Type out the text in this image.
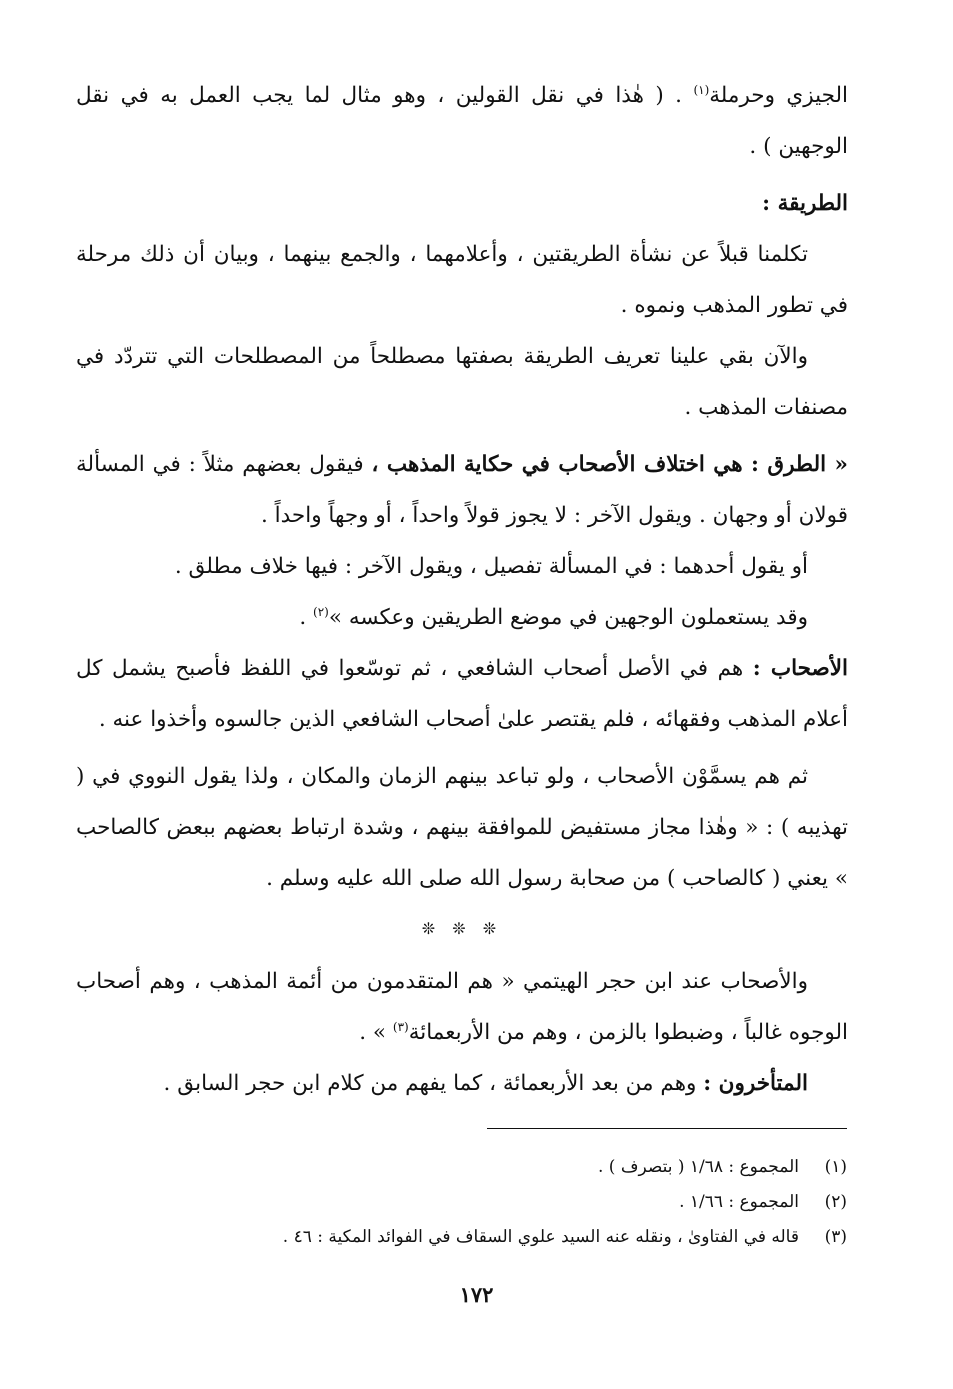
الجيزي وحرملة$^{(١)}$ . ( هٰذا في نقل القولين ، وهو مثال لما يجب العمل به في نقل الوجهين ) .

الطريقة :

تكلمنا قبلاً عن نشأة الطريقتين ، وأعلامهما ، والجمع بينهما ، وبيان أن ذلك مرحلة في تطور المذهب ونموه .

والآن بقي علينا تعريف الطريقة بصفتها مصطلحاً من المصطلحات التي تتردّد في مصنفات المذهب .

« الطرق : هي اختلاف الأصحاب في حكاية المذهب ، فيقول بعضهم مثلاً : في المسألة قولان أو وجهان . ويقول الآخر : لا يجوز قولاً واحداً ، أو وجهاً واحداً .

أو يقول أحدهما : في المسألة تفصيل ، ويقول الآخر : فيها خلاف مطلق .

وقد يستعملون الوجهين في موضع الطريقين وعكسه »$^{(٢)}$ .

الأصحاب : هم في الأصل أصحاب الشافعي ، ثم توسّعوا في اللفظ فأصبح يشمل كل أعلام المذهب وفقهائه ، فلم يقتصر علىٰ أصحاب الشافعي الذين جالسوه وأخذوا عنه .

ثم هم يسمَّوْن الأصحاب ، ولو تباعد بينهم الزمان والمكان ، ولذا يقول النووي في ( تهذيبه ) : « وهٰذا مجاز مستفيض للموافقة بينهم ، وشدة ارتباط بعضهم ببعض كالصاحب » يعني ( كالصاحب ) من صحابة رسول الله صلى الله عليه وسلم .

❊ ❊ ❊

والأصحاب عند ابن حجر الهيتمي « هم المتقدمون من أئمة المذهب ، وهم أصحاب الوجوه غالباً ، وضبطوا بالزمن ، وهم من الأربعمائة$^{(٣)}$ » .

المتأخرون : وهم من بعد الأربعمائة ، كما يفهم من كلام ابن حجر السابق .

(١)
المجموع : ١/٦٨ ( بتصرف ) .
(٢)
المجموع : ١/٦٦ .
(٣)
قاله في الفتاوىٰ ، ونقله عنه السيد علوي السقاف في الفوائد المكية : ٤٦ .
١٧٢
